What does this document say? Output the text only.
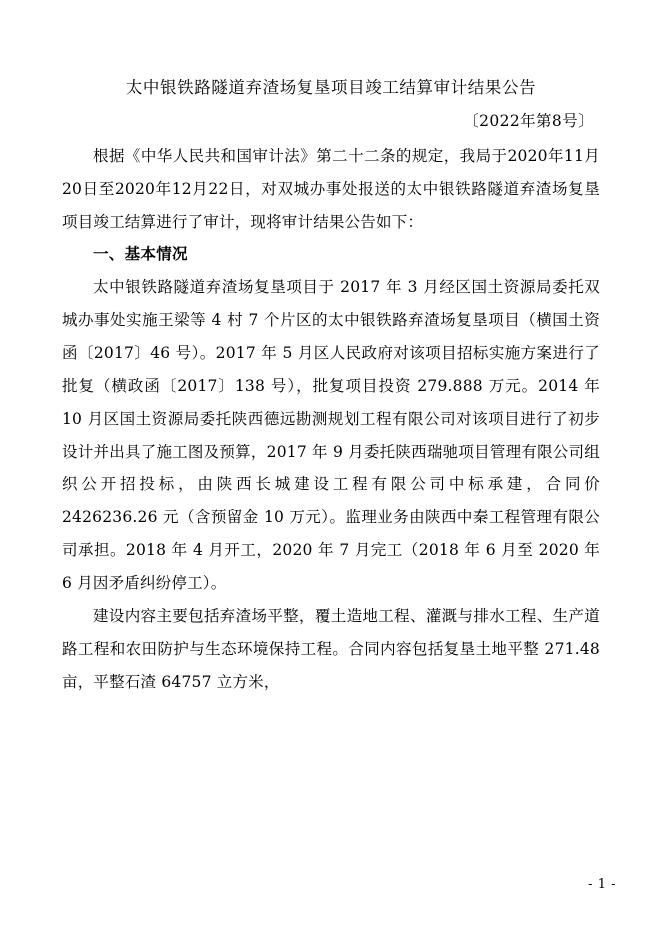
太中银铁路隧道弃渣场复垦项目竣工结算审计结果公告
〔2022年第8号〕

根据《中华人民共和国审计法》第二十二条的规定，我局于2020年11月20日至2020年12月22日，对双城办事处报送的太中银铁路隧道弃渣场复垦项目竣工结算进行了审计，现将审计结果公告如下：

一、基本情况

太中银铁路隧道弃渣场复垦项目于 2017 年 3 月经区国土资源局委托双城办事处实施王梁等 4 村 7 个片区的太中银铁路弃渣场复垦项目（横国土资函〔2017〕46 号）。2017 年 5 月区人民政府对该项目招标实施方案进行了批复（横政函〔2017〕138 号），批复项目投资 279.888 万元。2014 年 10 月区国土资源局委托陕西德远勘测规划工程有限公司对该项目进行了初步设计并出具了施工图及预算，2017 年 9 月委托陕西瑞驰项目管理有限公司组织公开招投标，由陕西长城建设工程有限公司中标承建，合同价 2426236.26 元（含预留金 10 万元）。监理业务由陕西中秦工程管理有限公司承担。2018 年 4 月开工，2020 年 7 月完工（2018 年 6 月至 2020 年 6 月因矛盾纠纷停工）。

建设内容主要包括弃渣场平整，覆土造地工程、灌溉与排水工程、生产道路工程和农田防护与生态环境保持工程。合同内容包括复垦土地平整 271.48 亩，平整石渣 64757 立方米，

- 1 -
